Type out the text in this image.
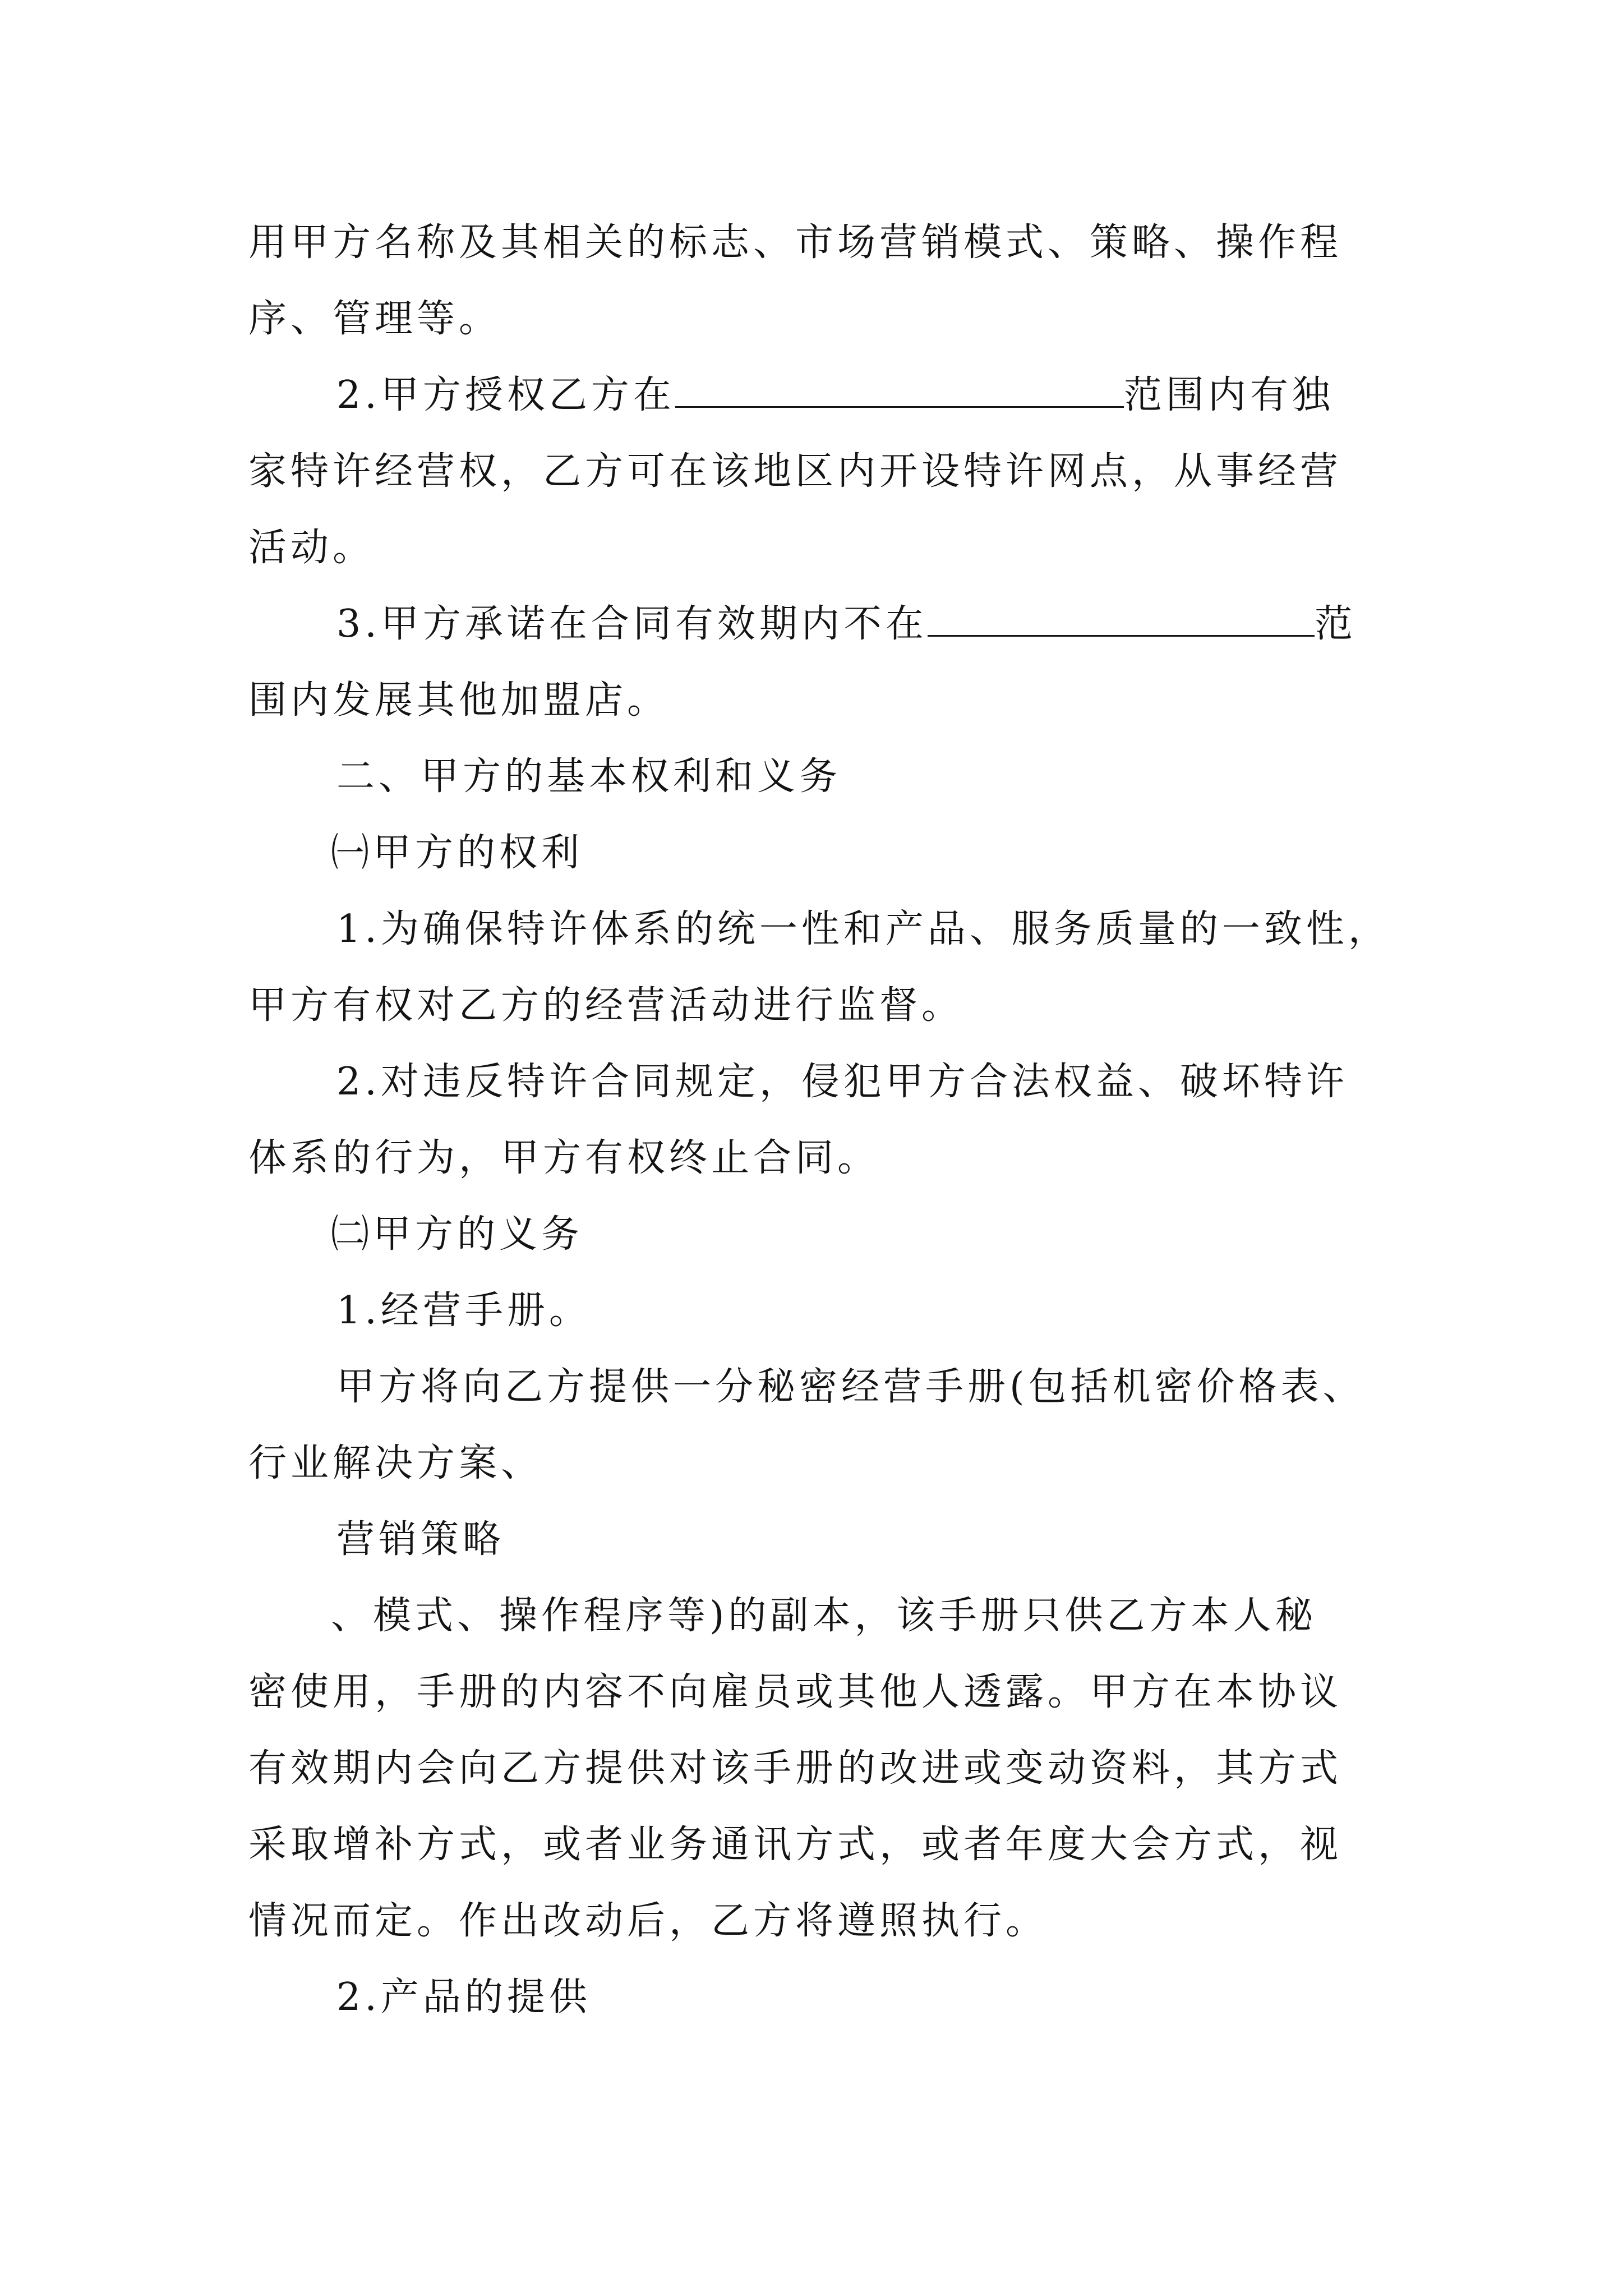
用甲方名称及其相关的标志、市场营销模式、策略、操作程

序、管理等。

2.甲方授权乙方在	范围内有独

家特许经营权，乙方可在该地区内开设特许网点，从事经营

活动。

3.甲方承诺在合同有效期内不在	范

围内发展其他加盟店。

二、甲方的基本权利和义务

㈠甲方的权利

1.为确保特许体系的统一性和产品、服务质量的一致性，

甲方有权对乙方的经营活动进行监督。

2.对违反特许合同规定，侵犯甲方合法权益、破坏特许

体系的行为，甲方有权终止合同。

㈡甲方的义务

1.经营手册。

甲方将向乙方提供一分秘密经营手册(包括机密价格表、

行业解决方案、

营销策略

、模式、操作程序等)的副本，该手册只供乙方本人秘

密使用，手册的内容不向雇员或其他人透露。甲方在本协议

有效期内会向乙方提供对该手册的改进或变动资料，其方式

采取增补方式，或者业务通讯方式，或者年度大会方式，视

情况而定。作出改动后，乙方将遵照执行。

2.产品的提供
